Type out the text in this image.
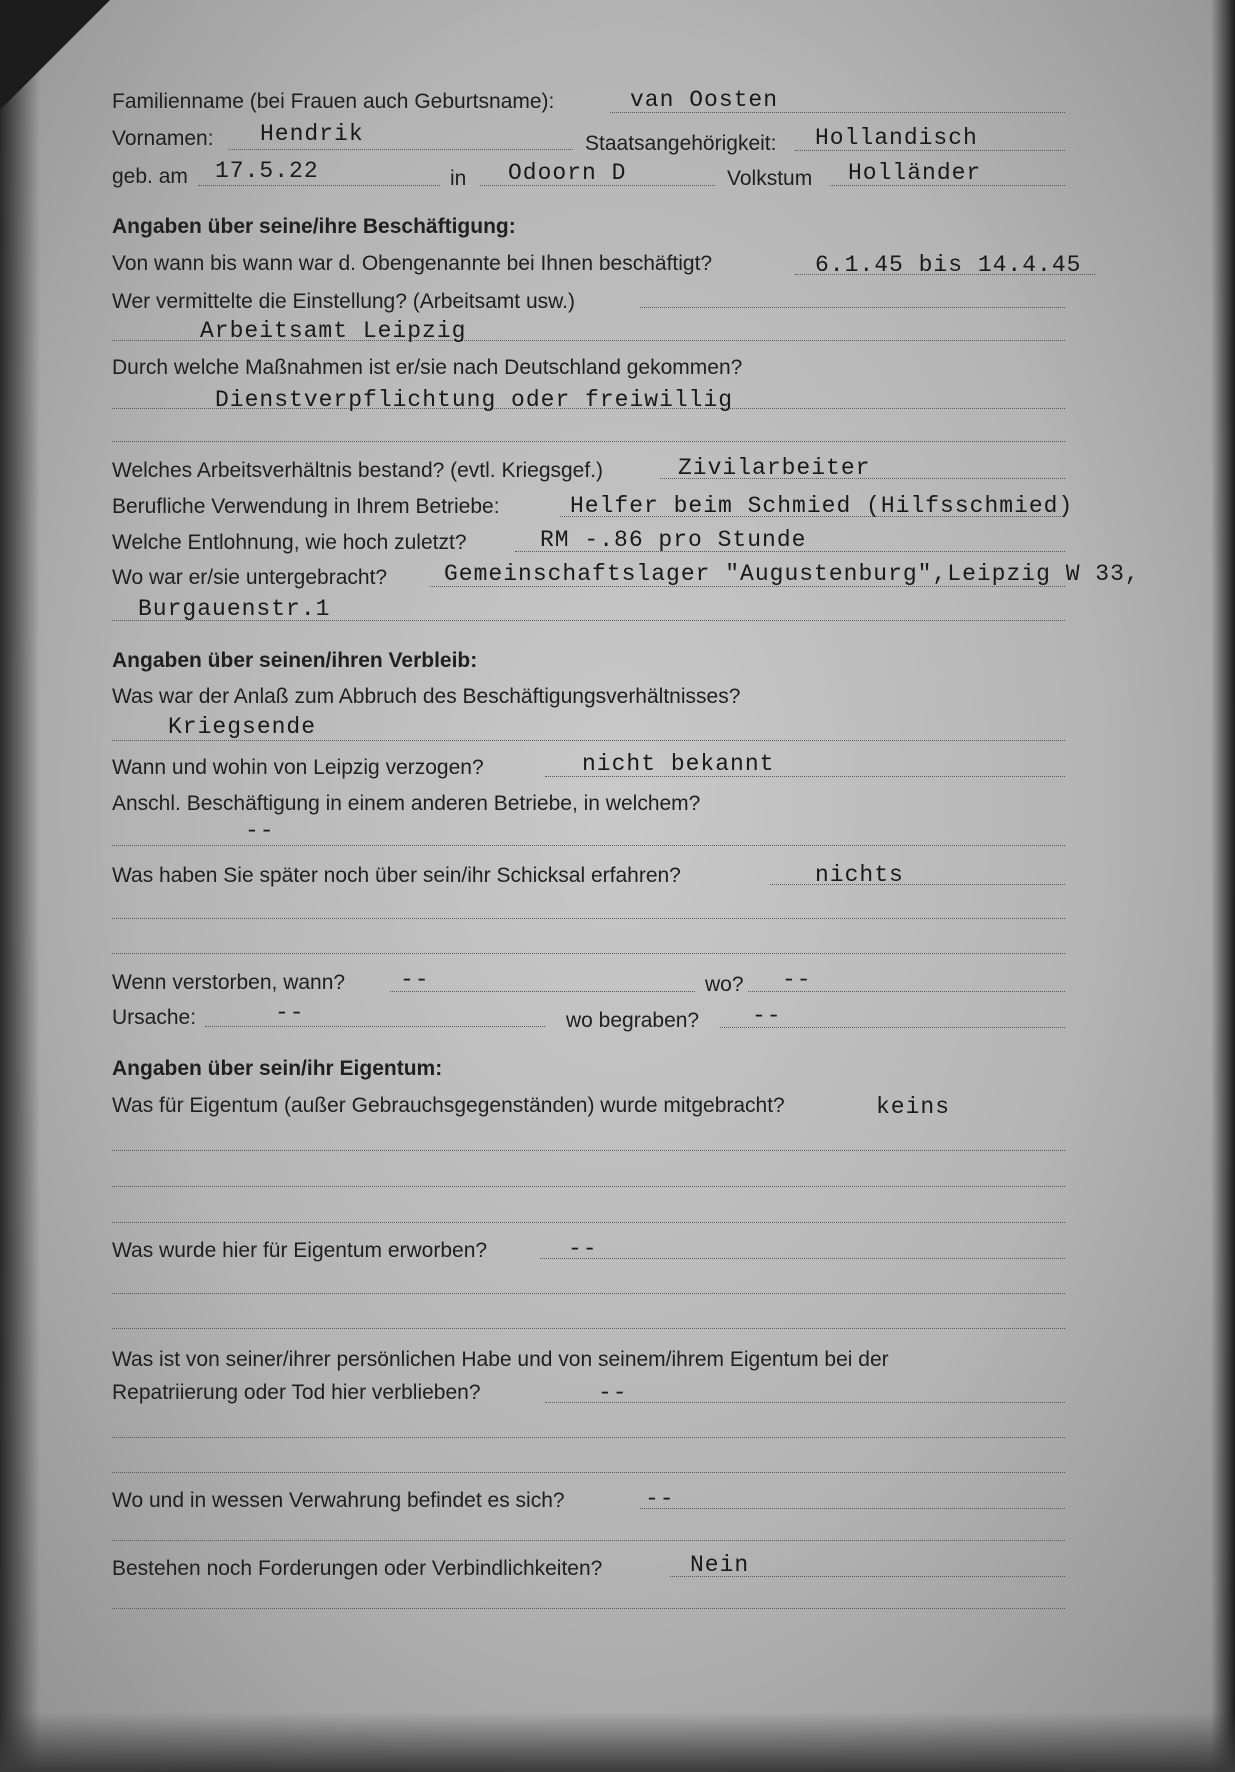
Familienname (bei Frauen auch Geburtsname):	van Oosten
Vornamen: Hendrik	Staatsangehörigkeit: Hollandisch
geb. am 17.5.22	in Odoorn D	Volkstum Holländer
Angaben über seine/ihre Beschäftigung:
Von wann bis wann war d. Obengenannte bei Ihnen beschäftigt?	6.1.45 bis 14.4.45
Wer vermittelte die Einstellung? (Arbeitsamt usw.)
Arbeitsamt Leipzig
Durch welche Maßnahmen ist er/sie nach Deutschland gekommen?
Dienstverpflichtung oder freiwillig
Welches Arbeitsverhältnis bestand? (evtl. Kriegsgef.)	Zivilarbeiter
Berufliche Verwendung in Ihrem Betriebe:	Helfer beim Schmied (Hilfsschmied)
Welche Entlohnung, wie hoch zuletzt?	RM -.86 pro Stunde
Wo war er/sie untergebracht? Gemeinschaftslager "Augustenburg",Leipzig W 33,
Burgauenstr.1
Angaben über seinen/ihren Verbleib:
Was war der Anlaß zum Abbruch des Beschäftigungsverhältnisses?
Kriegsende
Wann und wohin von Leipzig verzogen?	nicht bekannt
Anschl. Beschäftigung in einem anderen Betriebe, in welchem?
--
Was haben Sie später noch über sein/ihr Schicksal erfahren?	nichts
Wenn verstorben, wann? --	wo? --
Ursache:	--	wo begraben? --
Angaben über sein/ihr Eigentum:
Was für Eigentum (außer Gebrauchsgegenständen) wurde mitgebracht?	keins
Was wurde hier für Eigentum erworben?	--
Was ist von seiner/ihrer persönlichen Habe und von seinem/ihrem Eigentum bei der
Repatriierung oder Tod hier verblieben?	--
Wo und in wessen Verwahrung befindet es sich?	--
Bestehen noch Forderungen oder Verbindlichkeiten?	Nein
